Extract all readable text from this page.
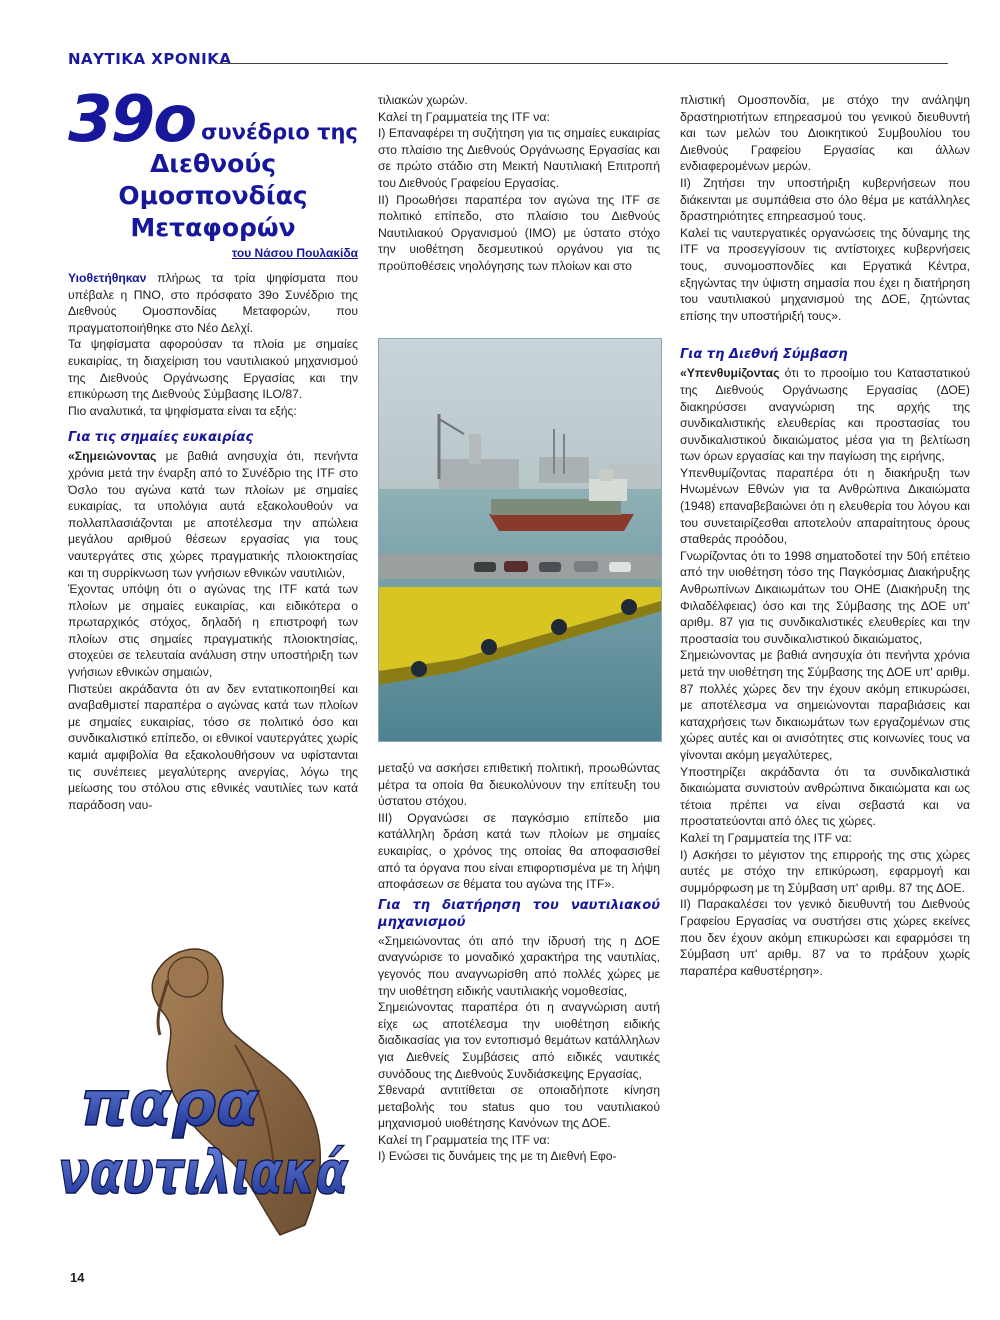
ΝΑΥΤΙΚΑ ΧΡΟΝΙΚΑ
39ο συνέδριο της
Διεθνούς Ομοσπονδίας
Μεταφορών
του Νάσου Πουλακίδα

Υιοθετήθηκαν πλήρως τα τρία ψηφίσματα που υπέβαλε η ΠΝΟ, στο πρόσφατο 39ο Συνέδριο της Διεθνούς Ομοσπονδίας Μεταφορών, που πραγματοποιήθηκε στο Νέο Δελχί.

Τα ψηφίσματα αφορούσαν τα πλοία με σημαίες ευκαιρίας, τη διαχείριση του ναυτιλιακού μηχανισμού της Διεθνούς Οργάνωσης Εργασίας και την επικύρωση της Διεθνούς Σύμβασης ILO/87.

Πιο αναλυτικά, τα ψηφίσματα είναι τα εξής:

Για τις σημαίες ευκαιρίας

«Σημειώνοντας με βαθιά ανησυχία ότι, πενήντα χρόνια μετά την έναρξη από το Συνέδριο της ITF στο Όσλο του αγώνα κατά των πλοίων με σημαίες ευκαιρίας, τα υπολόγια αυτά εξακολουθούν να πολλαπλασιάζονται με αποτέλεσμα την απώλεια μεγάλου αριθμού θέσεων εργασίας για τους ναυτεργάτες στις χώρες πραγματικής πλοιοκτησίας και τη συρρίκνωση των γνήσιων εθνικών ναυτιλιών,

Έχοντας υπόψη ότι ο αγώνας της ITF κατά των πλοίων με σημαίες ευκαιρίας, και ειδικότερα ο πρωταρχικός στόχος, δηλαδή η επιστροφή των πλοίων στις σημαίες πραγματικής πλοιοκτησίας, στοχεύει σε τελευταία ανάλυση στην υποστήριξη των γνήσιων εθνικών σημαιών,

Πιστεύει ακράδαντα ότι αν δεν εντατικοποιηθεί και αναβαθμιστεί παραπέρα ο αγώνας κατά των πλοίων με σημαίες ευκαιρίας, τόσο σε πολιτικό όσο και συνδικαλιστικό επίπεδο, οι εθνικοί ναυτεργάτες χωρίς καμιά αμφιβολία θα εξακολουθήσουν να υφίστανται τις συνέπειες μεγαλύτερης ανεργίας, λόγω της μείωσης του στόλου στις εθνικές ναυτιλίες των κατά παράδοση ναυ-

τιλιακών χωρών.

Καλεί τη Γραμματεία της ITF να:

I) Επαναφέρει τη συζήτηση για τις σημαίες ευκαιρίας στο πλαίσιο της Διεθνούς Οργάνωσης Εργασίας και σε πρώτο στάδιο στη Μεικτή Ναυτιλιακή Επιτροπή του Διεθνούς Γραφείου Εργασίας.

II) Προωθήσει παραπέρα τον αγώνα της ITF σε πολιτικό επίπεδο, στο πλαίσιο του Διεθνούς Ναυτιλιακού Οργανισμού (IMO) με ύστατο στόχο την υιοθέτηση δεσμευτικού οργάνου για τις προϋποθέσεις νηολόγησης των πλοίων και στο

μεταξύ να ασκήσει επιθετική πολιτική, προωθώντας μέτρα τα οποία θα διευκολύνουν την επίτευξη του ύστατου στόχου.

III) Οργανώσει σε παγκόσμιο επίπεδο μια κατάλληλη δράση κατά των πλοίων με σημαίες ευκαιρίας, ο χρόνος της οποίας θα αποφασισθεί από τα όργανα που είναι επιφορτισμένα με τη λήψη αποφάσεων σε θέματα του αγώνα της ITF».

Για τη διατήρηση του ναυτιλιακού μηχανισμού

«Σημειώνοντας ότι από την ίδρυσή της η ΔΟΕ αναγνώρισε το μοναδικό χαρακτήρα της ναυτιλίας, γεγονός που αναγνωρίσθη από πολλές χώρες με την υιοθέτηση ειδικής ναυτιλιακής νομοθεσίας,

Σημειώνοντας παραπέρα ότι η αναγνώριση αυτή είχε ως αποτέλεσμα την υιοθέτηση ειδικής διαδικασίας για τον εντοπισμό θεμάτων κατάλληλων για Διεθνείς Συμβάσεις από ειδικές ναυτικές συνόδους της Διεθνούς Συνδιάσκεψης Εργασίας,

Σθεναρά αντιτίθεται σε οποιαδήποτε κίνηση μεταβολής του status quo του ναυτιλιακού μηχανισμού υιοθέτησης Κανόνων της ΔΟΕ.

Καλεί τη Γραμματεία της ITF να:

I) Ενώσει τις δυνάμεις της με τη Διεθνή Εφο-

πλιστική Ομοσπονδία, με στόχο την ανάληψη δραστηριοτήτων επηρεασμού του γενικού διευθυντή και των μελών του Διοικητικού Συμβουλίου του Διεθνούς Γραφείου Εργασίας και άλλων ενδιαφερομένων μερών.

II) Ζητήσει την υποστήριξη κυβερνήσεων που διάκεινται με συμπάθεια στο όλο θέμα με κατάλληλες δραστηριότητες επηρεασμού τους.

Καλεί τις ναυτεργατικές οργανώσεις της δύναμης της ITF να προσεγγίσουν τις αντίστοιχες κυβερνήσεις τους, συνομοσπονδίες και Εργατικά Κέντρα, εξηγώντας την ύψιστη σημασία που έχει η διατήρηση του ναυτιλιακού μηχανισμού της ΔΟΕ, ζητώντας επίσης την υποστήριξή τους».

Για τη Διεθνή Σύμβαση

«Υπενθυμίζοντας ότι το προοίμιο του Καταστατικού της Διεθνούς Οργάνωσης Εργασίας (ΔΟΕ) διακηρύσσει αναγνώριση της αρχής της συνδικαλιστικής ελευθερίας και προστασίας του συνδικαλιστικού δικαιώματος μέσα για τη βελτίωση των όρων εργασίας και την παγίωση της ειρήνης,

Υπενθυμίζοντας παραπέρα ότι η διακήρυξη των Ηνωμένων Εθνών για τα Ανθρώπινα Δικαιώματα (1948) επαναβεβαιώνει ότι η ελευθερία του λόγου και του συνεταιρίζεσθαι αποτελούν απαραίτητους όρους σταθεράς προόδου,

Γνωρίζοντας ότι το 1998 σηματοδοτεί την 50ή επέτειο από την υιοθέτηση τόσο της Παγκόσμιας Διακήρυξης Ανθρωπίνων Δικαιωμάτων του ΟΗΕ (Διακήρυξη της Φιλαδέλφειας) όσο και της Σύμβασης της ΔΟΕ υπ' αριθμ. 87 για τις συνδικαλιστικές ελευθερίες και την προστασία του συνδικαλιστικού δικαιώματος,

Σημειώνοντας με βαθιά ανησυχία ότι πενήντα χρόνια μετά την υιοθέτηση της Σύμβασης της ΔΟΕ υπ' αριθμ. 87 πολλές χώρες δεν την έχουν ακόμη επικυρώσει, με αποτέλεσμα να σημειώνονται παραβιάσεις και καταχρήσεις των δικαιωμάτων των εργαζομένων στις χώρες αυτές και οι ανισότητες στις κοινωνίες τους να γίνονται ακόμη μεγαλύτερες,

Υποστηρίζει ακράδαντα ότι τα συνδικαλιστικά δικαιώματα συνιστούν ανθρώπινα δικαιώματα και ως τέτοια πρέπει να είναι σεβαστά και να προστατεύονται από όλες τις χώρες.

Καλεί τη Γραμματεία της ITF να:

I) Ασκήσει το μέγιστον της επιρροής της στις χώρες αυτές με στόχο την επικύρωση, εφαρμογή και συμμόρφωση με τη Σύμβαση υπ' αριθμ. 87 της ΔΟΕ.

II) Παρακαλέσει τον γενικό διευθυντή του Διεθνούς Γραφείου Εργασίας να συστήσει στις χώρες εκείνες που δεν έχουν ακόμη επικυρώσει και εφαρμόσει τη Σύμβαση υπ' αριθμ. 87 να το πράξουν χωρίς παραπέρα καθυστέρηση».

παρα
ναυτιλιακά
14
